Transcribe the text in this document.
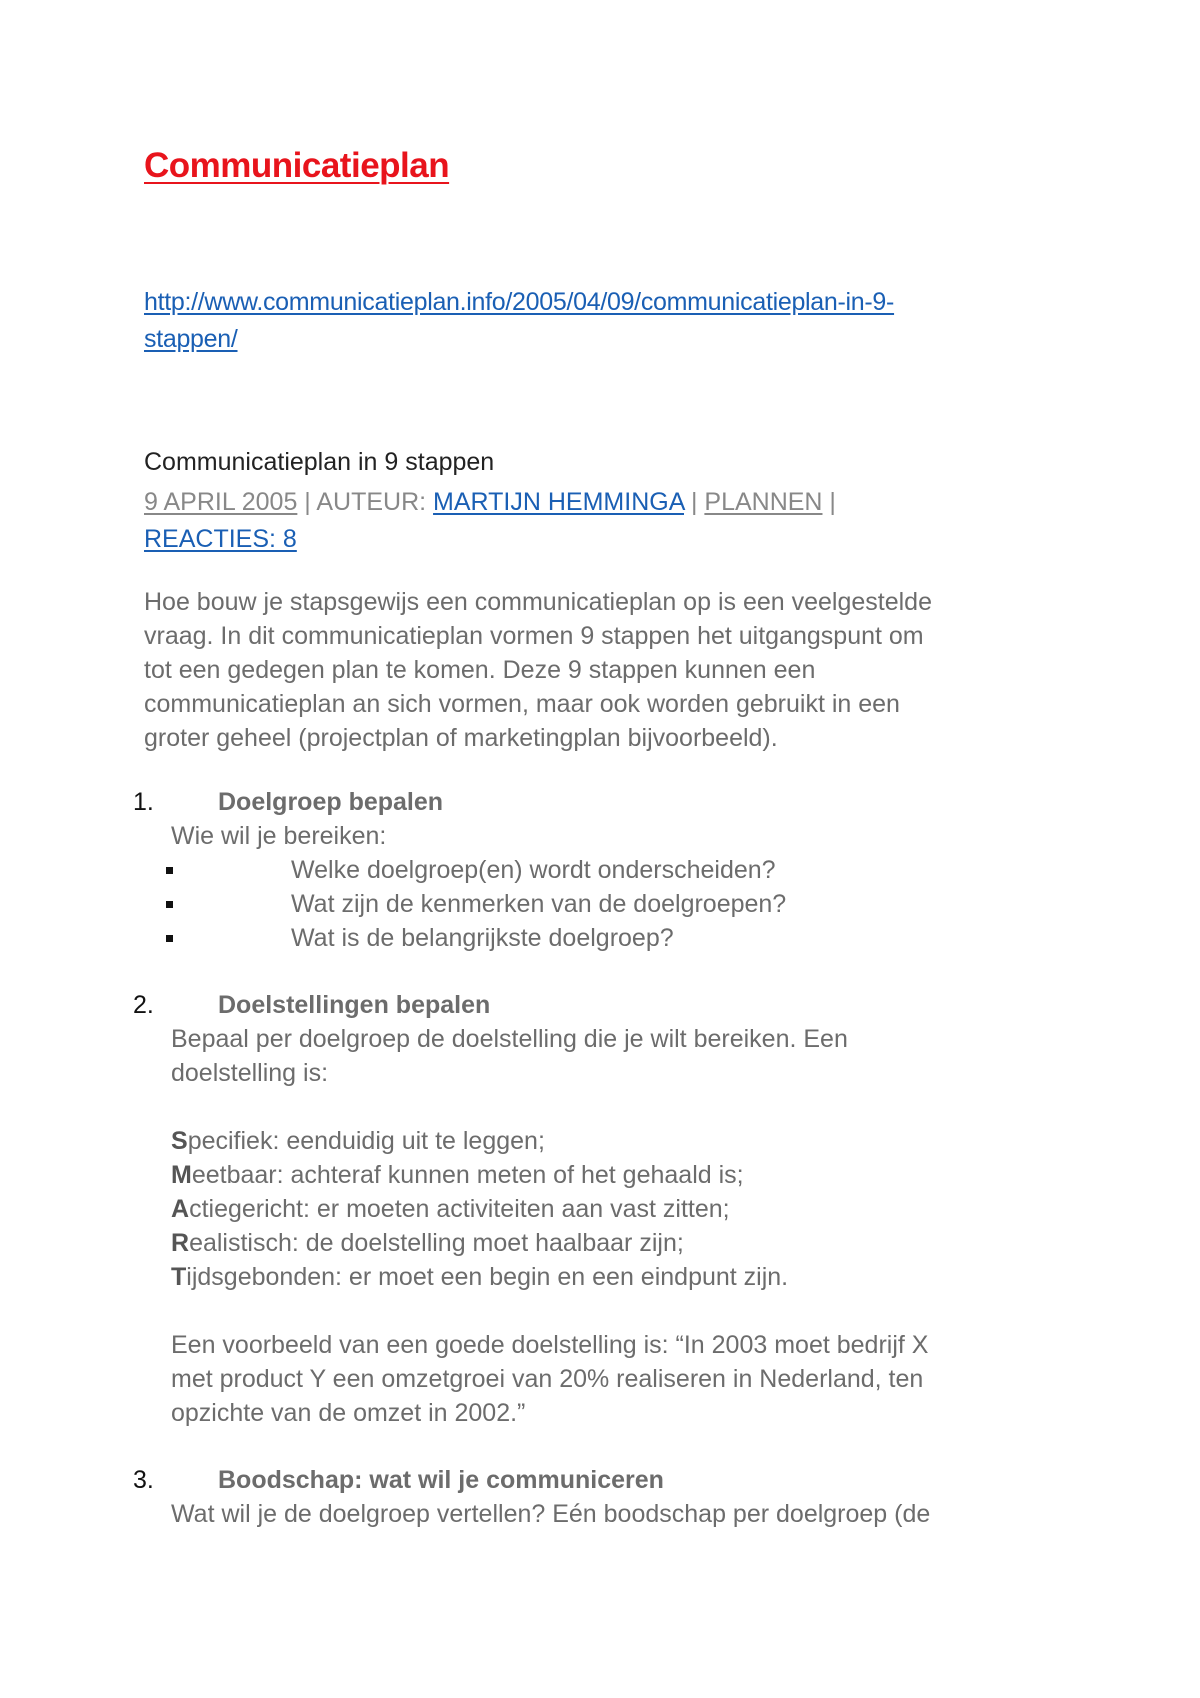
Communicatieplan
http://www.communicatieplan.info/2005/04/09/communicatieplan-in-9-
stappen/
Communicatieplan in 9 stappen
9 APRIL 2005 | AUTEUR: MARTIJN HEMMINGA | PLANNEN |
REACTIES: 8
Hoe bouw je stapsgewijs een communicatieplan op is een veelgestelde
vraag. In dit communicatieplan vormen 9 stappen het uitgangspunt om
tot een gedegen plan te komen. Deze 9 stappen kunnen een
communicatieplan an sich vormen, maar ook worden gebruikt in een
groter geheel (projectplan of marketingplan bijvoorbeeld).
1.	Doelgroep bepalen
Wie wil je bereiken:
Welke doelgroep(en) wordt onderscheiden?
Wat zijn de kenmerken van de doelgroepen?
Wat is de belangrijkste doelgroep?
2.	Doelstellingen bepalen
Bepaal per doelgroep de doelstelling die je wilt bereiken. Een
doelstelling is:
Specifiek: eenduidig uit te leggen;
Meetbaar: achteraf kunnen meten of het gehaald is;
Actiegericht: er moeten activiteiten aan vast zitten;
Realistisch: de doelstelling moet haalbaar zijn;
Tijdsgebonden: er moet een begin en een eindpunt zijn.
Een voorbeeld van een goede doelstelling is: “In 2003 moet bedrijf X
met product Y een omzetgroei van 20% realiseren in Nederland, ten
opzichte van de omzet in 2002.”
3.	Boodschap: wat wil je communiceren
Wat wil je de doelgroep vertellen? Eén boodschap per doelgroep (de
